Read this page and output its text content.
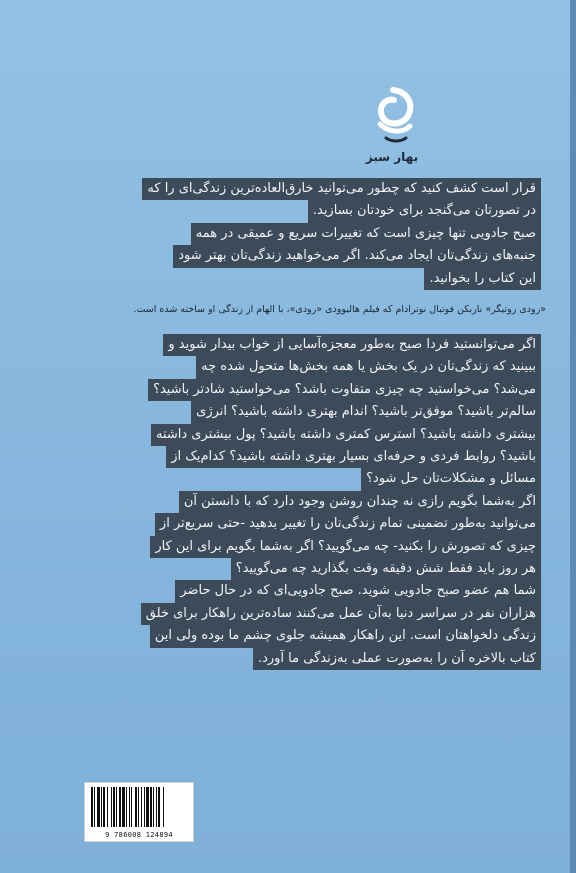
بهار سبز
قرار است کشف کنید که چطور می‌توانید خارق‌العاده‌ترین زندگی‌ای را که
در تصورتان می‌گنجد برای خودتان بسازید.
صبح جادویی تنها چیزی است که تغییرات سریع و عمیقی در همه
جنبه‌های زندگی‌تان ایجاد می‌کند. اگر می‌خواهید زندگی‌تان بهتر شود
این کتاب را بخوانید.
«رودی روتیگر» ناربکن فوتبال نوترادام که فیلم هالیوودی «رودی»، با الهام از زندگی او ساخته شده است.
اگر می‌توانستید فردا صبح به‌طور معجزه‌آسایی از خواب بیدار شوید و
ببینید که زندگی‌تان در یک بخش یا همه بخش‌ها متحول شده چه
می‌شد؟ می‌خواستید چه چیزی متفاوت باشد؟ می‌خواستید شادتر باشید؟
سالم‌تر باشید؟ موفق‌تر باشید؟ اندام بهتری داشته باشید؟ انرژی
بیشتری داشته باشید؟ استرس کمتری داشته باشید؟ پول بیشتری داشته
باشید؟ روابط فردی و حرفه‌ای بسیار بهتری داشته باشید؟ کدام‌یک از
مسائل و مشکلات‌تان حل شود؟
اگر به‌شما بگویم رازی نه چندان روشن وجود دارد که با دانستن آن
می‌توانید به‌طور تضمینی تمام زندگی‌تان را تغییر بدهید -حتی سریع‌تر از
چیزی که تصورش را بکنید- چه می‌گویید؟ اگر به‌شما بگویم برای این کار
هر روز باید فقط شش دقیقه وقت بگذارید چه می‌گویید؟
شما هم عضو صبح جادویی شوید. صبح جادویی‌ای که در حال حاضر
هزاران نفر در سراسر دنیا به‌آن عمل می‌کنند ساده‌ترین راهکار برای خلق
زندگی دلخواهتان است. این راهکار همیشه جلوی چشم ما بوده ولی این
کتاب بالاخره آن را به‌صورت عملی به‌زندگی ما آورد.
9 786008 124894
